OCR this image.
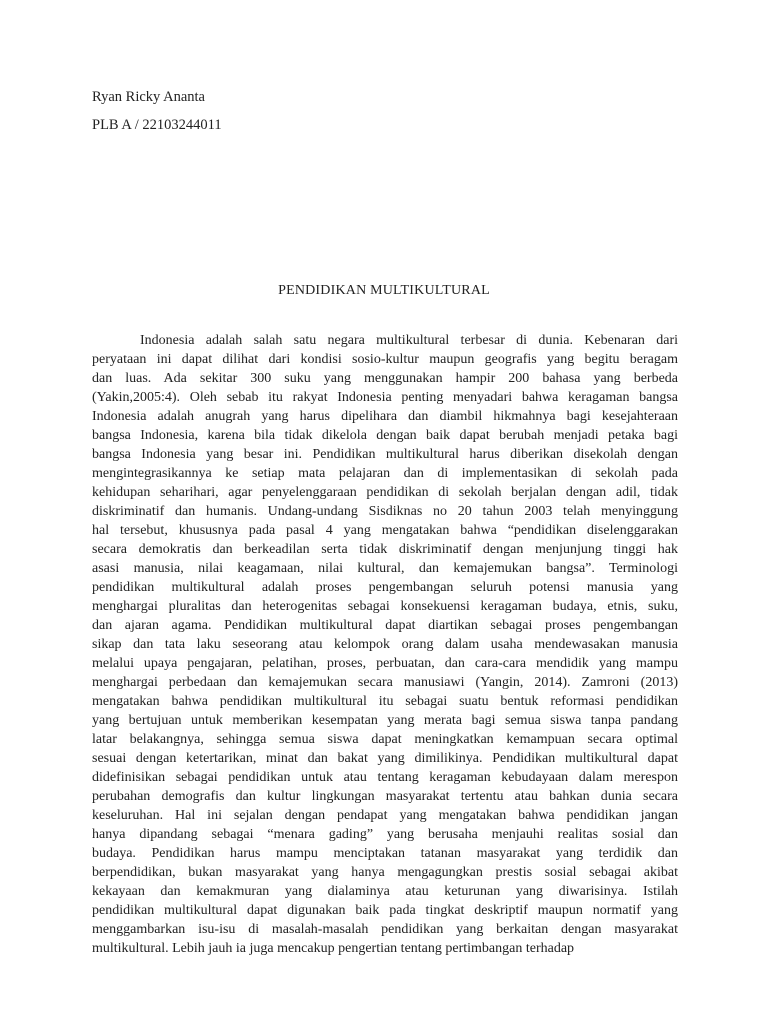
Ryan Ricky Ananta
PLB A / 22103244011
PENDIDIKAN MULTIKULTURAL
Indonesia adalah salah satu negara multikultural terbesar di dunia. Kebenaran dari
peryataan ini dapat dilihat dari kondisi sosio-kultur maupun geografis yang begitu beragam
dan luas. Ada sekitar 300 suku yang menggunakan hampir 200 bahasa yang berbeda
(Yakin,2005:4). Oleh sebab itu rakyat Indonesia penting menyadari bahwa keragaman bangsa
Indonesia adalah anugrah yang harus dipelihara dan diambil hikmahnya bagi kesejahteraan
bangsa Indonesia, karena bila tidak dikelola dengan baik dapat berubah menjadi petaka bagi
bangsa Indonesia yang besar ini. Pendidikan multikultural harus diberikan disekolah dengan
mengintegrasikannya ke setiap mata pelajaran dan di implementasikan di sekolah pada
kehidupan seharihari, agar penyelenggaraan pendidikan di sekolah berjalan dengan adil, tidak
diskriminatif dan humanis. Undang-undang Sisdiknas no 20 tahun 2003 telah menyinggung
hal tersebut, khususnya pada pasal 4 yang mengatakan bahwa “pendidikan diselenggarakan
secara demokratis dan berkeadilan serta tidak diskriminatif dengan menjunjung tinggi hak
asasi manusia, nilai keagamaan, nilai kultural, dan kemajemukan bangsa”. Terminologi
pendidikan multikultural adalah proses pengembangan seluruh potensi manusia yang
menghargai pluralitas dan heterogenitas sebagai konsekuensi keragaman budaya, etnis, suku,
dan ajaran agama. Pendidikan multikultural dapat diartikan sebagai proses pengembangan
sikap dan tata laku seseorang atau kelompok orang dalam usaha mendewasakan manusia
melalui upaya pengajaran, pelatihan, proses, perbuatan, dan cara-cara mendidik yang mampu
menghargai perbedaan dan kemajemukan secara manusiawi (Yangin, 2014). Zamroni (2013)
mengatakan bahwa pendidikan multikultural itu sebagai suatu bentuk reformasi pendidikan
yang bertujuan untuk memberikan kesempatan yang merata bagi semua siswa tanpa pandang
latar belakangnya, sehingga semua siswa dapat meningkatkan kemampuan secara optimal
sesuai dengan ketertarikan, minat dan bakat yang dimilikinya. Pendidikan multikultural dapat
didefinisikan sebagai pendidikan untuk atau tentang keragaman kebudayaan dalam merespon
perubahan demografis dan kultur lingkungan masyarakat tertentu atau bahkan dunia secara
keseluruhan. Hal ini sejalan dengan pendapat yang mengatakan bahwa pendidikan jangan
hanya dipandang sebagai “menara gading” yang berusaha menjauhi realitas sosial dan
budaya. Pendidikan harus mampu menciptakan tatanan masyarakat yang terdidik dan
berpendidikan, bukan masyarakat yang hanya mengagungkan prestis sosial sebagai akibat
kekayaan dan kemakmuran yang dialaminya atau keturunan yang diwarisinya. Istilah
pendidikan multikultural dapat digunakan baik pada tingkat deskriptif maupun normatif yang
menggambarkan isu-isu di masalah-masalah pendidikan yang berkaitan dengan masyarakat
multikultural. Lebih jauh ia juga mencakup pengertian tentang pertimbangan terhadap
